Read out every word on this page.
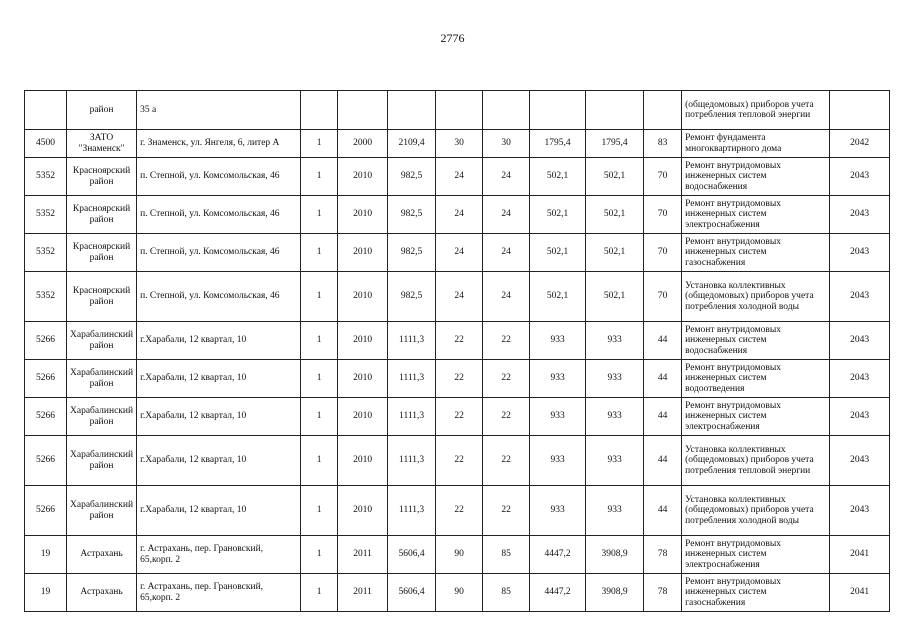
2776
	район	35 а									(общедомовых) приборов учета потребления тепловой энергии	
4500	ЗАТО "Знаменск"	г. Знаменск, ул. Янгеля, 6, литер А	1	2000	2109,4	30	30	1795,4	1795,4	83	Ремонт фундамента многоквартирного дома	2042
5352	Красноярский район	п. Степной, ул. Комсомольская, 46	1	2010	982,5	24	24	502,1	502,1	70	Ремонт внутридомовых инженерных систем водоснабжения	2043
5352	Красноярский район	п. Степной, ул. Комсомольская, 46	1	2010	982,5	24	24	502,1	502,1	70	Ремонт внутридомовых инженерных систем электроснабжения	2043
5352	Красноярский район	п. Степной, ул. Комсомольская, 46	1	2010	982,5	24	24	502,1	502,1	70	Ремонт внутридомовых инженерных систем газоснабжения	2043
5352	Красноярский район	п. Степной, ул. Комсомольская, 46	1	2010	982,5	24	24	502,1	502,1	70	Установка коллективных (общедомовых) приборов учета потребления холодной воды	2043
5266	Харабалинский район	г.Харабали, 12 квартал, 10	1	2010	1111,3	22	22	933	933	44	Ремонт внутридомовых инженерных систем водоснабжения	2043
5266	Харабалинский район	г.Харабали, 12 квартал, 10	1	2010	1111,3	22	22	933	933	44	Ремонт внутридомовых инженерных систем водоотведения	2043
5266	Харабалинский район	г.Харабали, 12 квартал, 10	1	2010	1111,3	22	22	933	933	44	Ремонт внутридомовых инженерных систем электроснабжения	2043
5266	Харабалинский район	г.Харабали, 12 квартал, 10	1	2010	1111,3	22	22	933	933	44	Установка коллективных (общедомовых) приборов учета потребления тепловой энергии	2043
5266	Харабалинский район	г.Харабали, 12 квартал, 10	1	2010	1111,3	22	22	933	933	44	Установка коллективных (общедомовых) приборов учета потребления холодной воды	2043
19	Астрахань	г. Астрахань, пер. Грановский, 65,корп. 2	1	2011	5606,4	90	85	4447,2	3908,9	78	Ремонт внутридомовых инженерных систем электроснабжения	2041
19	Астрахань	г. Астрахань, пер. Грановский, 65,корп. 2	1	2011	5606,4	90	85	4447,2	3908,9	78	Ремонт внутридомовых инженерных систем газоснабжения	2041
